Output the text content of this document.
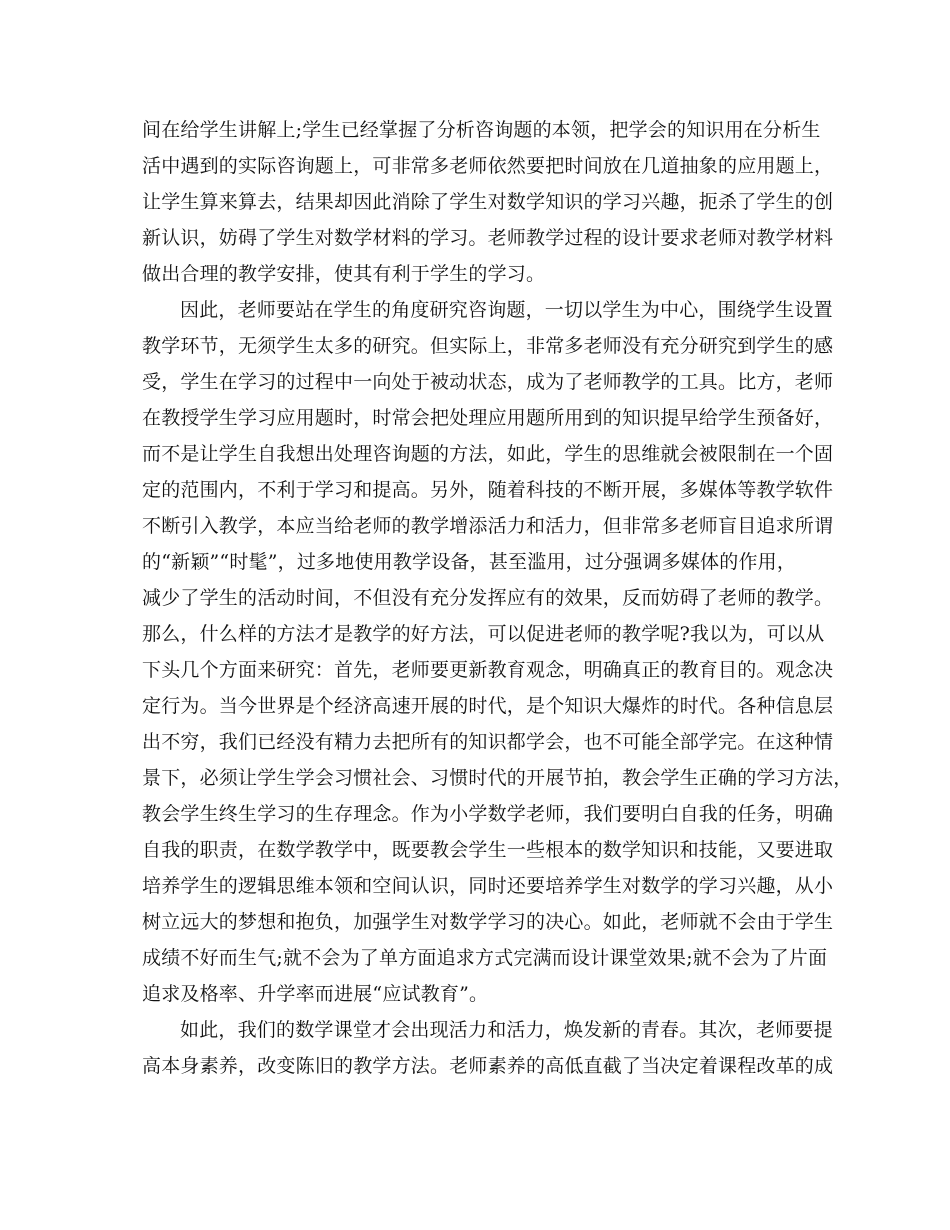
间在给学生讲解上;学生已经掌握了分析咨询题的本领，把学会的知识用在分析生
活中遇到的实际咨询题上，可非常多老师依然要把时间放在几道抽象的应用题上，
让学生算来算去，结果却因此消除了学生对数学知识的学习兴趣，扼杀了学生的创
新认识，妨碍了学生对数学材料的学习。老师教学过程的设计要求老师对教学材料
做出合理的教学安排，使其有利于学生的学习。
因此，老师要站在学生的角度研究咨询题，一切以学生为中心，围绕学生设置
教学环节，无须学生太多的研究。但实际上，非常多老师没有充分研究到学生的感
受，学生在学习的过程中一向处于被动状态，成为了老师教学的工具。比方，老师
在教授学生学习应用题时，时常会把处理应用题所用到的知识提早给学生预备好，
而不是让学生自我想出处理咨询题的方法，如此，学生的思维就会被限制在一个固
定的范围内，不利于学习和提高。另外，随着科技的不断开展，多媒体等教学软件
不断引入教学，本应当给老师的教学增添活力和活力，但非常多老师盲目追求所谓
的“新颖”“时髦”，过多地使用教学设备，甚至滥用，过分强调多媒体的作用，
减少了学生的活动时间，不但没有充分发挥应有的效果，反而妨碍了老师的教学。
那么，什么样的方法才是教学的好方法，可以促进老师的教学呢?我以为，可以从
下头几个方面来研究：首先，老师要更新教育观念，明确真正的教育目的。观念决
定行为。当今世界是个经济高速开展的时代，是个知识大爆炸的时代。各种信息层
出不穷，我们已经没有精力去把所有的知识都学会，也不可能全部学完。在这种情
景下，必须让学生学会习惯社会、习惯时代的开展节拍，教会学生正确的学习方法，
教会学生终生学习的生存理念。作为小学数学老师，我们要明白自我的任务，明确
自我的职责，在数学教学中，既要教会学生一些根本的数学知识和技能，又要进取
培养学生的逻辑思维本领和空间认识，同时还要培养学生对数学的学习兴趣，从小
树立远大的梦想和抱负，加强学生对数学学习的决心。如此，老师就不会由于学生
成绩不好而生气;就不会为了单方面追求方式完满而设计课堂效果;就不会为了片面
追求及格率、升学率而进展“应试教育”。
如此，我们的数学课堂才会出现活力和活力，焕发新的青春。其次，老师要提
高本身素养，改变陈旧的教学方法。老师素养的高低直截了当决定着课程改革的成
